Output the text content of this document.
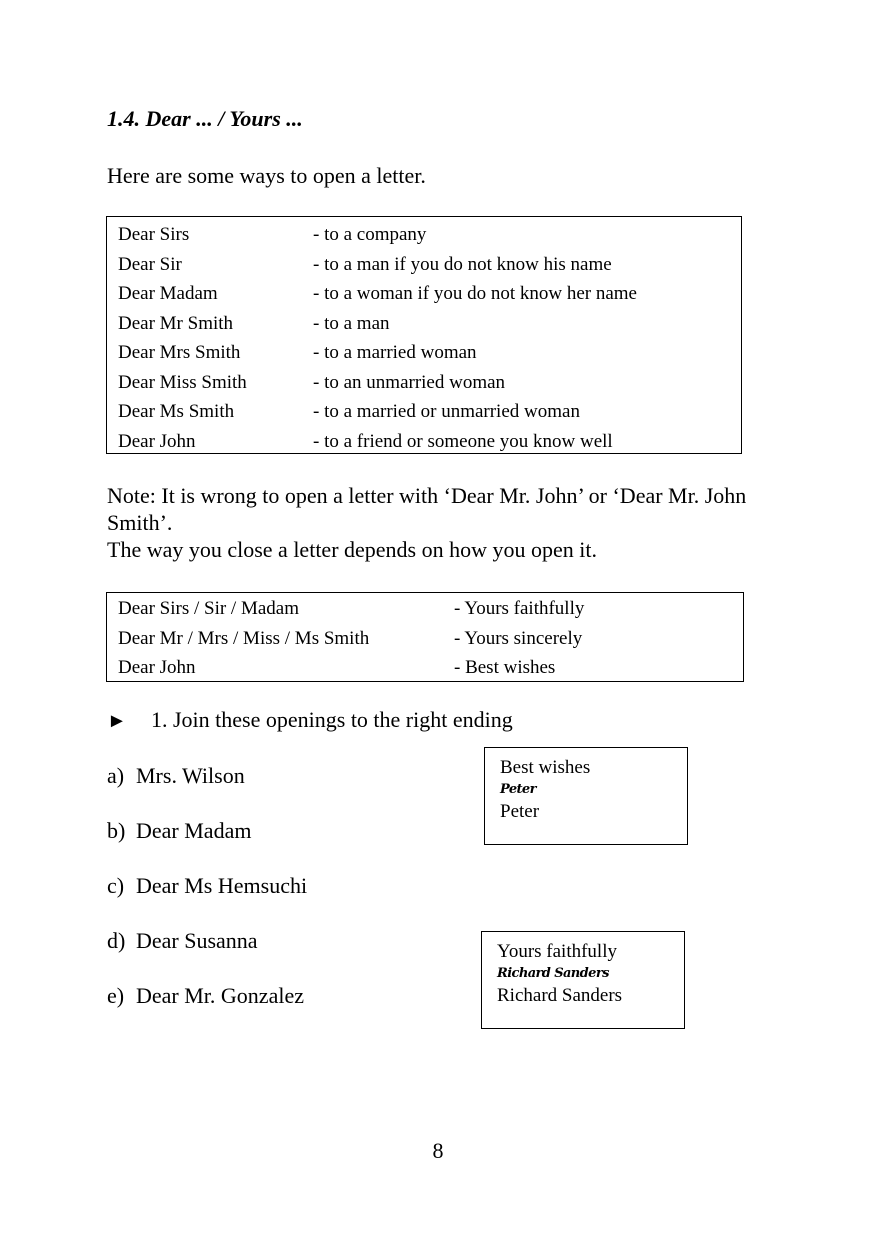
1.4. Dear ... / Yours ...
Here are some ways to open a letter.
Dear Sirs	- to a company
Dear Sir	- to a man if you do not know his name
Dear Madam	- to a woman if you do not know her name
Dear Mr Smith	- to a man
Dear Mrs Smith	- to a married woman
Dear Miss Smith	- to an unmarried woman
Dear Ms Smith	- to a married or unmarried woman
Dear John	- to a friend or someone you know well
Note: It is wrong to open a letter with ‘Dear Mr. John’ or ‘Dear Mr. John Smith’.
The way you close a letter depends on how you open it.
Dear Sirs / Sir / Madam	- Yours faithfully
Dear Mr / Mrs / Miss / Ms Smith	- Yours sincerely
Dear John	- Best wishes
► 1. Join these openings to the right ending
a) Mrs. Wilson
b) Dear Madam
c) Dear Ms Hemsuchi
d) Dear Susanna
e) Dear Mr. Gonzalez
Best wishes
Peter
Peter
Yours faithfully
Richard Sanders
Richard Sanders
8
